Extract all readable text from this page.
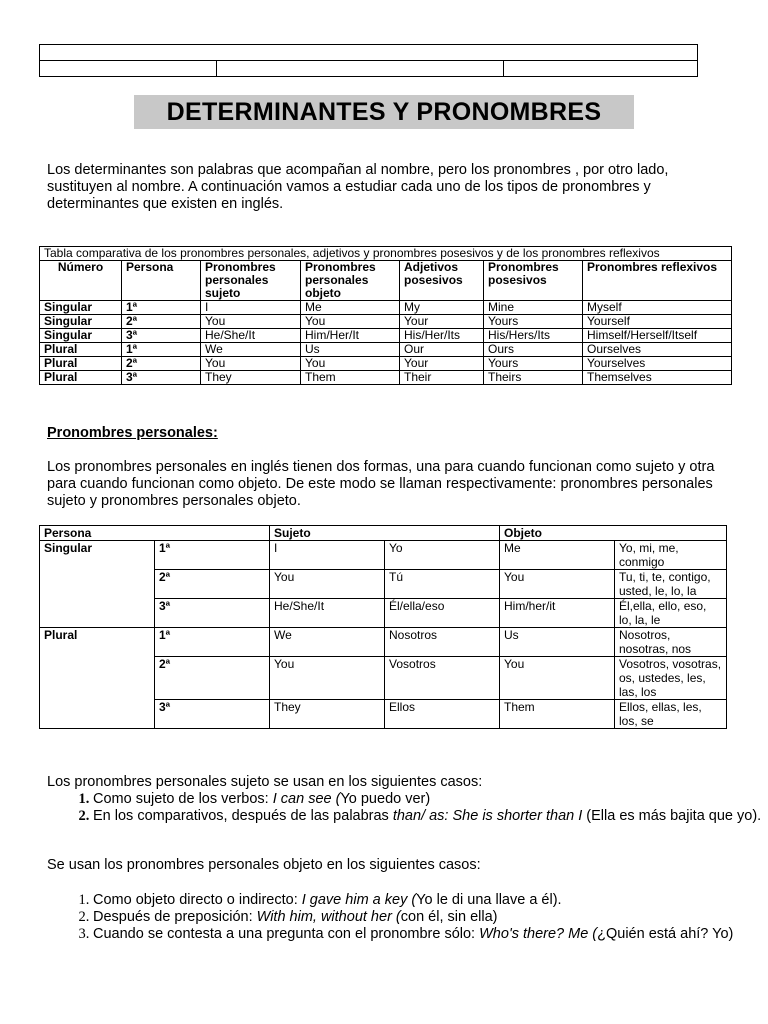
DETERMINANTES Y PRONOMBRES
Los determinantes son palabras que acompañan al nombre, pero los pronombres , por otro lado, sustituyen al nombre. A continuación vamos a estudiar cada uno de los tipos de pronombres y determinantes que existen en inglés.
Tabla comparativa de los pronombres personales, adjetivos y pronombres posesivos y de los pronombres reflexivos						
Número	Persona	Pronombres personales sujeto	Pronombres personales objeto	Adjetivos posesivos	Pronombres posesivos	Pronombres reflexivos
Singular	1ª	I	Me	My	Mine	Myself
Singular	2ª	You	You	Your	Yours	Yourself
Singular	3ª	He/She/It	Him/Her/It	His/Her/Its	His/Hers/Its	Himself/Herself/Itself
Plural	1ª	We	Us	Our	Ours	Ourselves
Plural	2ª	You	You	Your	Yours	Yourselves
Plural	3ª	They	Them	Their	Theirs	Themselves
Pronombres personales:
Los pronombres personales en inglés tienen dos formas, una para cuando funcionan como sujeto y otra para cuando funcionan como objeto. De este modo se llaman respectivamente: pronombres personales sujeto y pronombres personales objeto.
Persona		Sujeto		Objeto	
Singular	1ª	I	Yo	Me	Yo, mi, me, conmigo
	2ª	You	Tú	You	Tu, ti, te, contigo, usted, le, lo, la
	3ª	He/She/It	Él/ella/eso	Him/her/it	Él,ella, ello, eso, lo, la, le
Plural	1ª	We	Nosotros	Us	Nosotros, nosotras, nos
	2ª	You	Vosotros	You	Vosotros, vosotras, os, ustedes, les, las, los
	3ª	They	Ellos	Them	Ellos, ellas, les, los, se
Los pronombres personales sujeto se usan en los siguientes casos:
1. Como sujeto de los verbos: I can see (Yo puedo ver)
2. En los comparativos, después de las palabras than/ as: She is shorter than I (Ella es más bajita que yo).
Se usan los pronombres personales objeto en los siguientes casos:
1. Como objeto directo o indirecto: I gave him a key (Yo le di una llave a él).
2. Después de preposición: With him, without her (con él, sin ella)
3. Cuando se contesta a una pregunta con el pronombre sólo: Who's there? Me (¿Quién está ahí? Yo)
